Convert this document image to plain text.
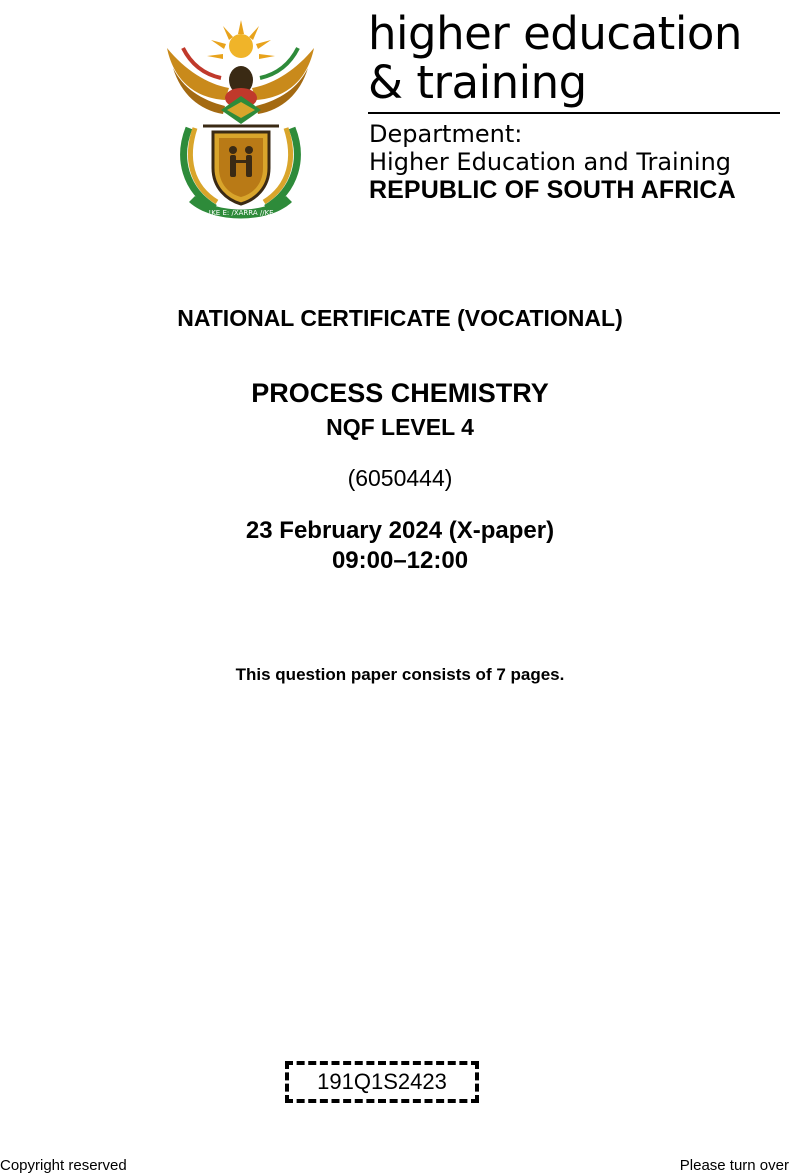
!KE E: /XARRA //KE
higher education
& training
Department:
Higher Education and Training
REPUBLIC OF SOUTH AFRICA
NATIONAL CERTIFICATE (VOCATIONAL)
PROCESS CHEMISTRY
NQF LEVEL 4
(6050444)
23 February 2024 (X-paper)
09:00–12:00
This question paper consists of 7 pages.
191Q1S2423
Copyright reserved	Please turn over
